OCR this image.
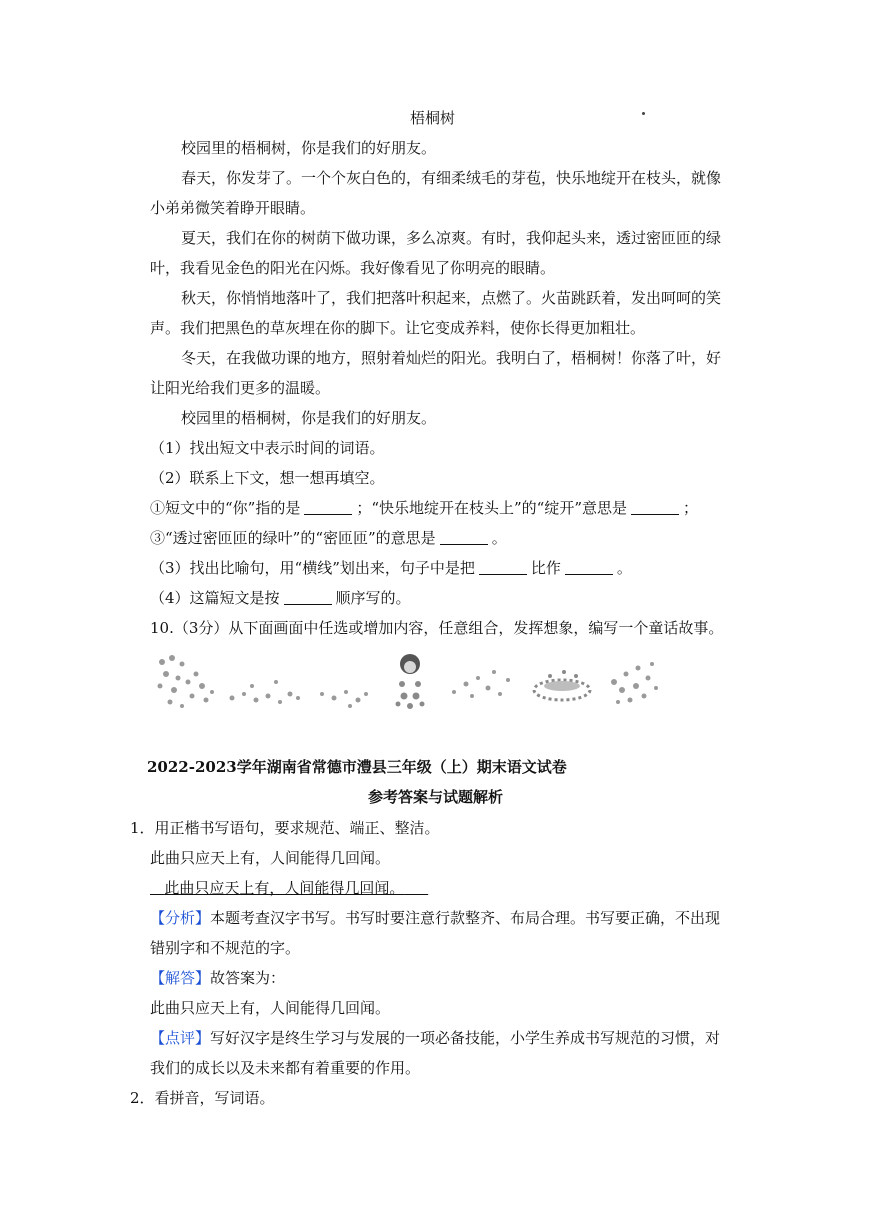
梧桐树
校园里的梧桐树，你是我们的好朋友。
春天，你发芽了。一个个灰白色的，有细柔绒毛的芽苞，快乐地绽开在枝头，就像
小弟弟微笑着睁开眼睛。
夏天，我们在你的树荫下做功课，多么凉爽。有时，我仰起头来，透过密匝匝的绿
叶，我看见金色的阳光在闪烁。我好像看见了你明亮的眼睛。
秋天，你悄悄地落叶了，我们把落叶积起来，点燃了。火苗跳跃着，发出呵呵的笑
声。我们把黑色的草灰埋在你的脚下。让它变成养料，使你长得更加粗壮。
冬天，在我做功课的地方，照射着灿烂的阳光。我明白了，梧桐树！你落了叶，好
让阳光给我们更多的温暖。
校园里的梧桐树，你是我们的好朋友。
（1）找出短文中表示时间的词语。
（2）联系上下文，想一想再填空。
①短文中的“你”指的是	；“快乐地绽开在枝头上”的“绽开”意思是	；
③“透过密匝匝的绿叶”的“密匝匝”的意思是	。
（3）找出比喻句，用“横线”划出来，句子中是把	比作	。
（4）这篇短文是按	顺序写的。
10.（3分）从下面画面中任选或增加内容，任意组合，发挥想象，编写一个童话故事。
2022-2023学年湖南省常德市澧县三年级（上）期末语文试卷
参考答案与试题解析
1．用正楷书写语句，要求规范、端正、整洁。
此曲只应天上有，人间能得几回闻。
此曲只应天上有，人间能得几回闻。
【分析】本题考查汉字书写。书写时要注意行款整齐、布局合理。书写要正确，不出现
错别字和不规范的字。
【解答】故答案为：
此曲只应天上有，人间能得几回闻。
【点评】写好汉字是终生学习与发展的一项必备技能，小学生养成书写规范的习惯，对
我们的成长以及未来都有着重要的作用。
2．看拼音，写词语。
